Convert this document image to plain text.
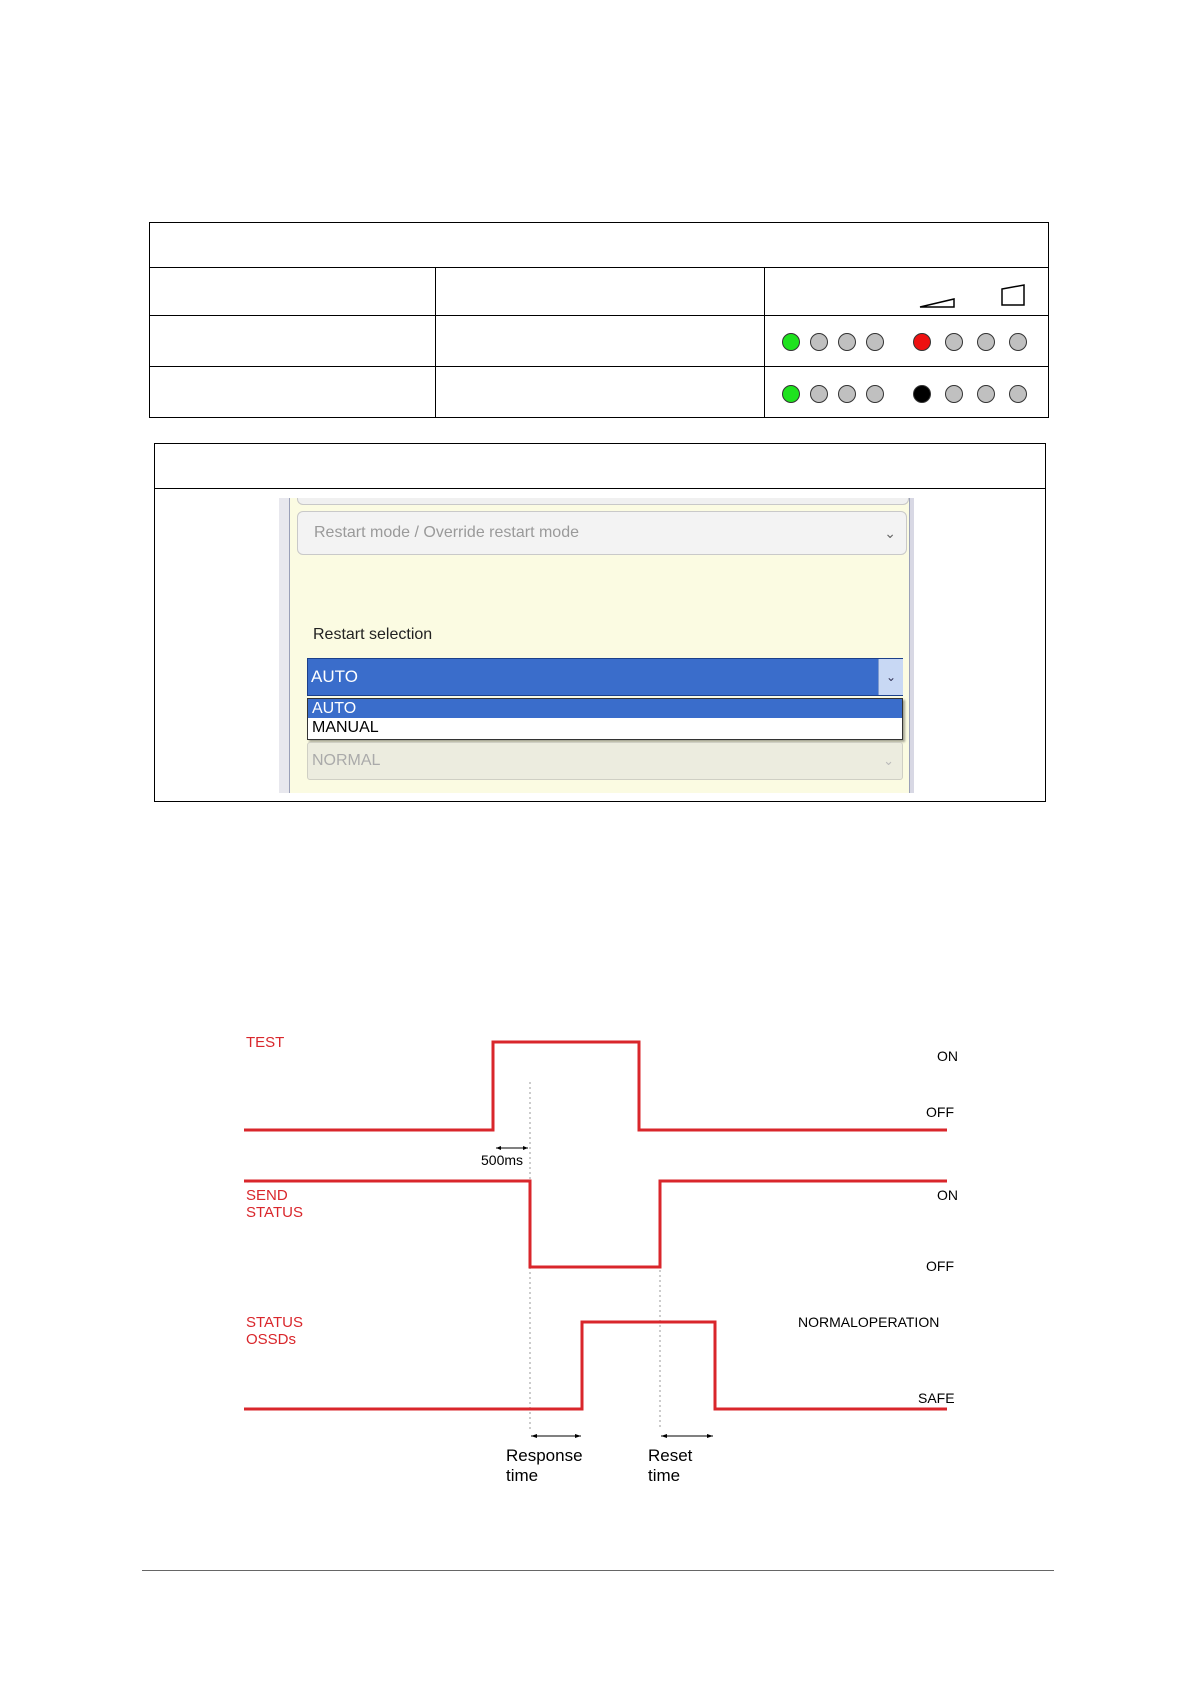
Restart mode / Override restart mode	⌄
Restart selection
AUTO	⌄
AUTO
MANUAL
NORMAL	⌄
TEST
SEND STATUS
STATUS OSSDs
ON
OFF
ON
OFF
NORMALOPERATION
SAFE
500ms
Response time
Reset time
